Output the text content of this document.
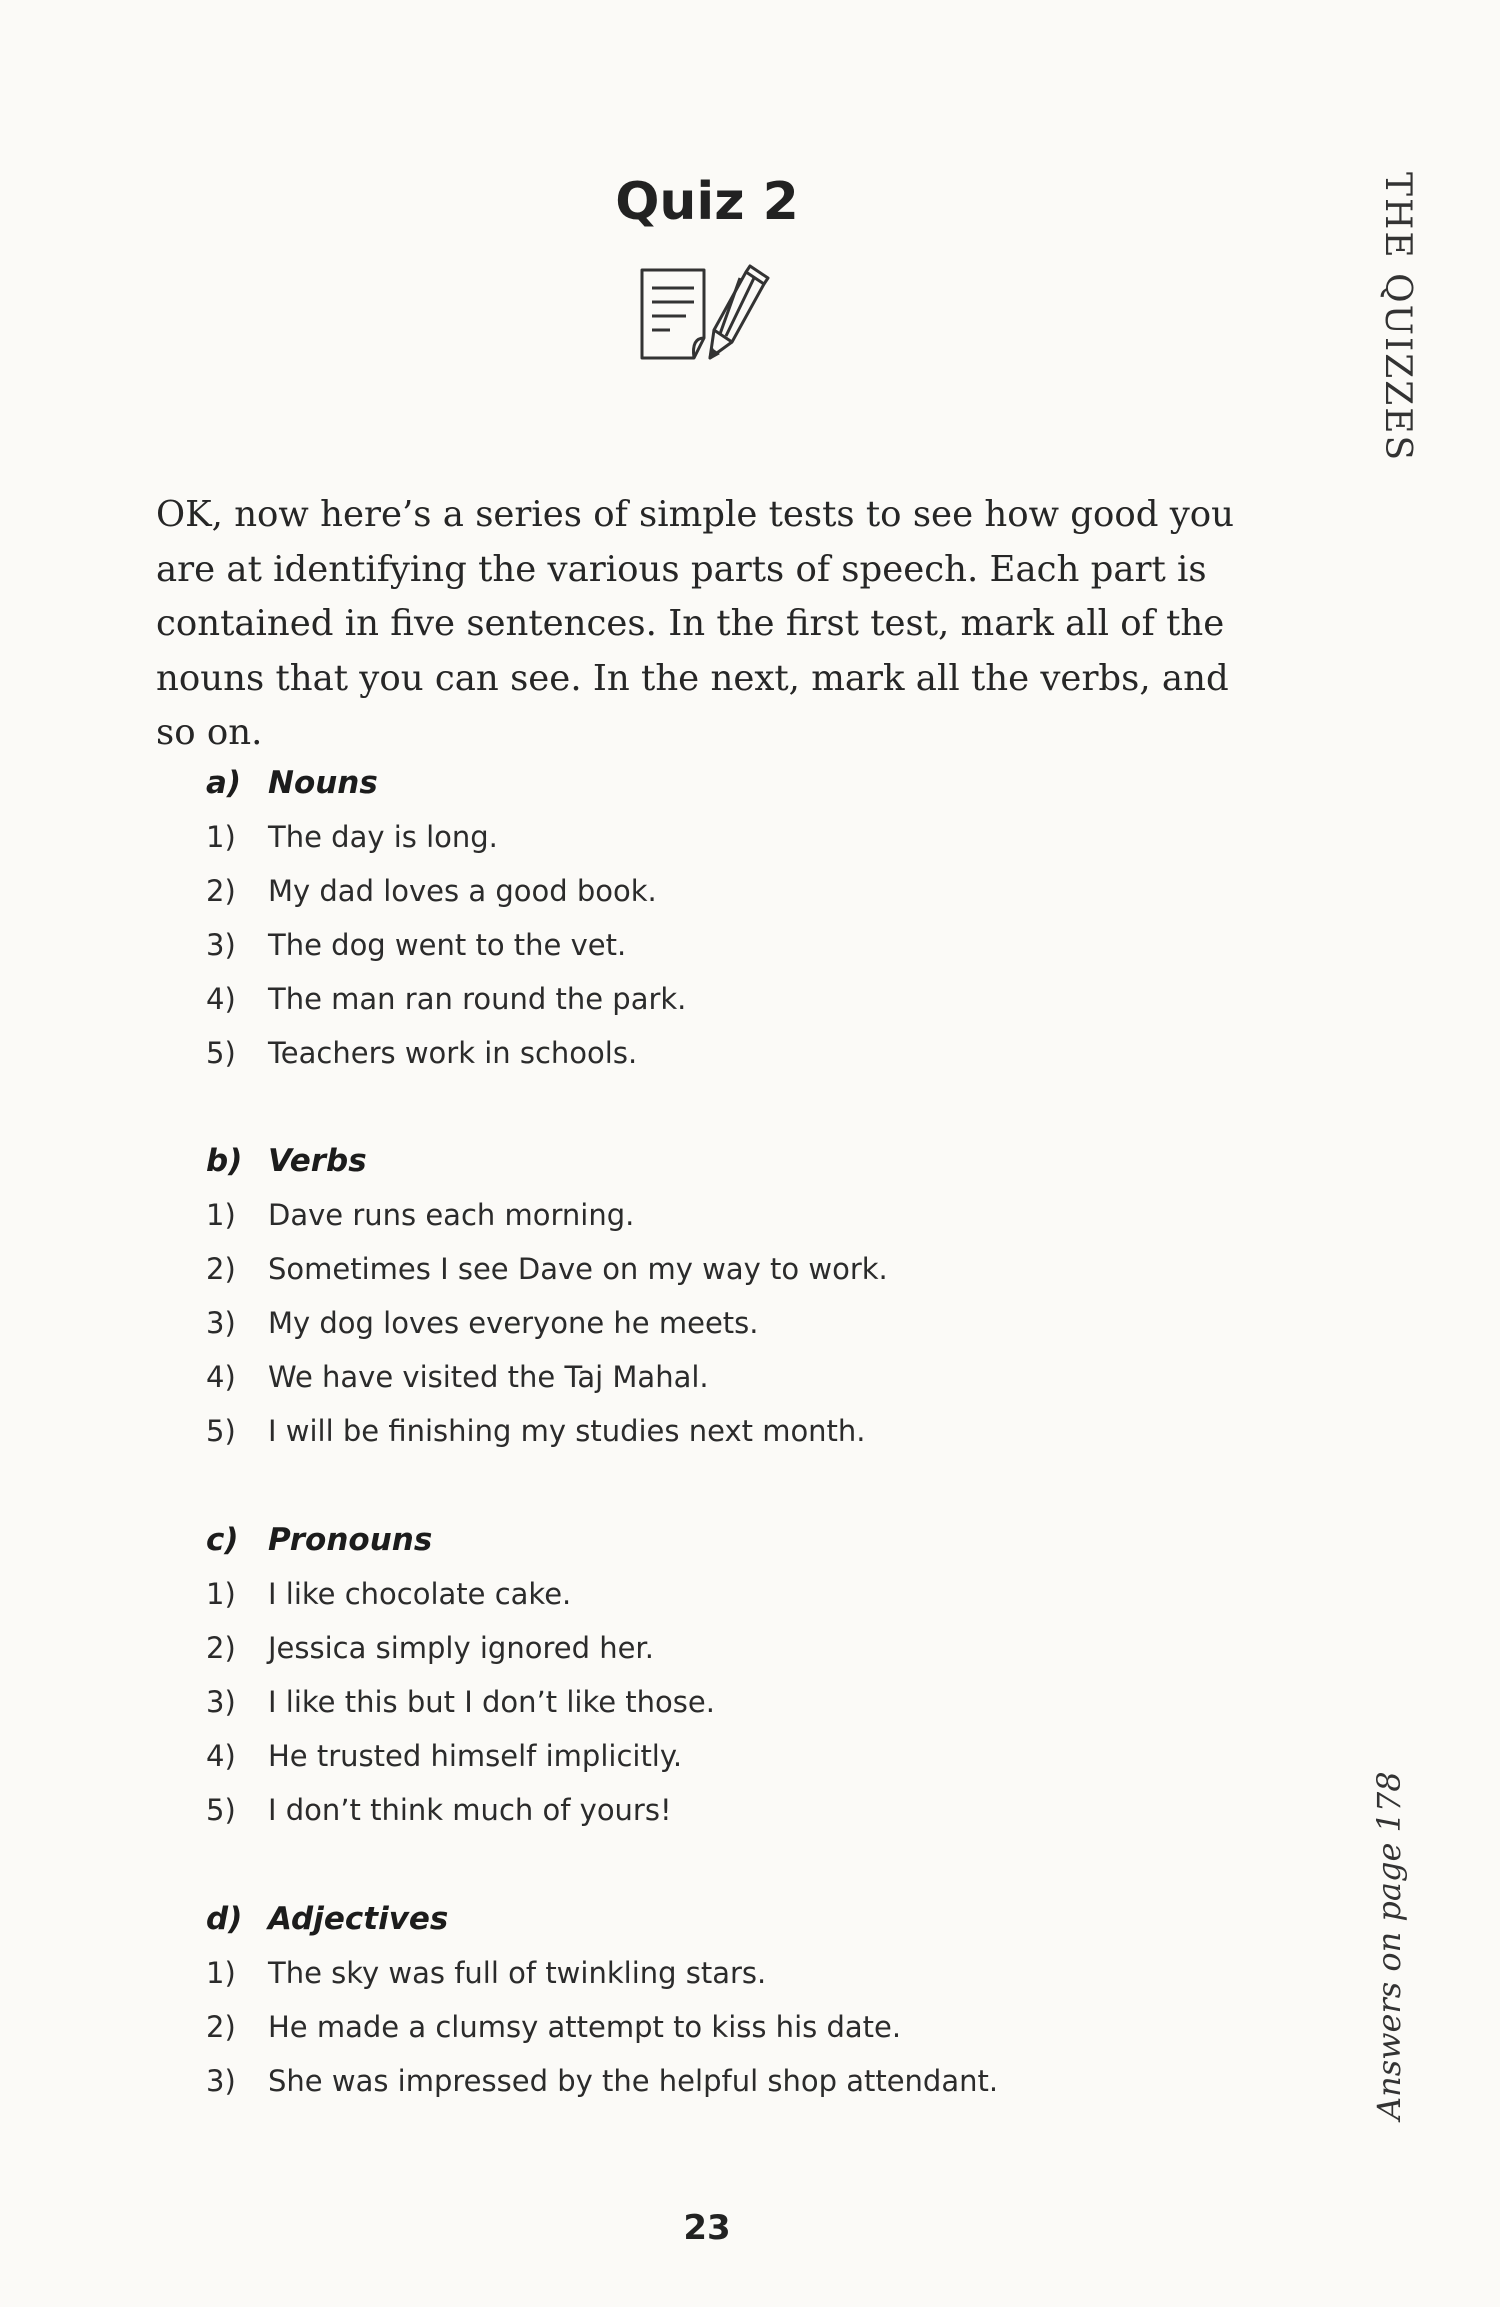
Quiz 2	THE QUIZZES

OK, now here’s a series of simple tests to see how good you are at identifying the various parts of speech. Each part is contained in five sentences. In the first test, mark all of the nouns that you can see. In the next, mark all the verbs, and so on.

a) Nouns
1) The day is long.
2) My dad loves a good book.
3) The dog went to the vet.
4) The man ran round the park.
5) Teachers work in schools.
b) Verbs
1) Dave runs each morning.
2) Sometimes I see Dave on my way to work.
3) My dog loves everyone he meets.
4) We have visited the Taj Mahal.
5) I will be finishing my studies next month.
c) Pronouns
1) I like chocolate cake.
2) Jessica simply ignored her.
3) I like this but I don’t like those.
4) He trusted himself implicitly.
5) I don’t think much of yours!
d) Adjectives
1) The sky was full of twinkling stars.
2) He made a clumsy attempt to kiss his date.
3) She was impressed by the helpful shop attendant.	Answers on page 178
23
